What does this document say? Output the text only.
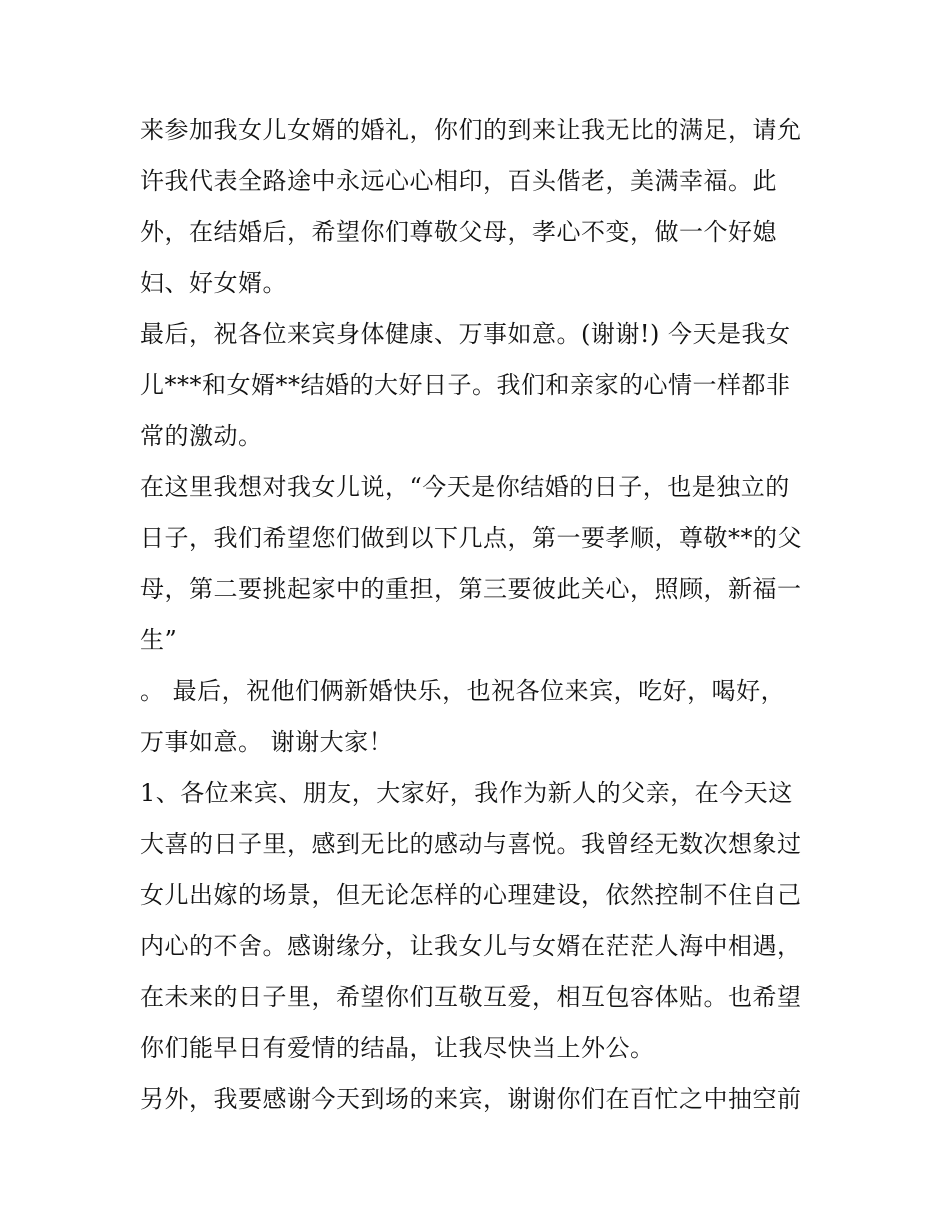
来参加我女儿女婿的婚礼，你们的到来让我无比的满足，请允
许我代表全路途中永远心心相印，百头偕老，美满幸福。此
外，在结婚后，希望你们尊敬父母，孝心不变，做一个好媳
妇、好女婿。
最后，祝各位来宾身体健康、万事如意。(谢谢!) 今天是我女
儿***和女婿**结婚的大好日子。我们和亲家的心情一样都非
常的激动。
在这里我想对我女儿说，“今天是你结婚的日子，也是独立的
日子，我们希望您们做到以下几点，第一要孝顺，尊敬**的父
母，第二要挑起家中的重担，第三要彼此关心，照顾，新福一
生”
。 最后，祝他们俩新婚快乐，也祝各位来宾，吃好，喝好，
万事如意。 谢谢大家！
1、各位来宾、朋友，大家好，我作为新人的父亲，在今天这
大喜的日子里，感到无比的感动与喜悦。我曾经无数次想象过
女儿出嫁的场景，但无论怎样的心理建设，依然控制不住自己
内心的不舍。感谢缘分，让我女儿与女婿在茫茫人海中相遇，
在未来的日子里，希望你们互敬互爱，相互包容体贴。也希望
你们能早日有爱情的结晶，让我尽快当上外公。
另外，我要感谢今天到场的来宾，谢谢你们在百忙之中抽空前
